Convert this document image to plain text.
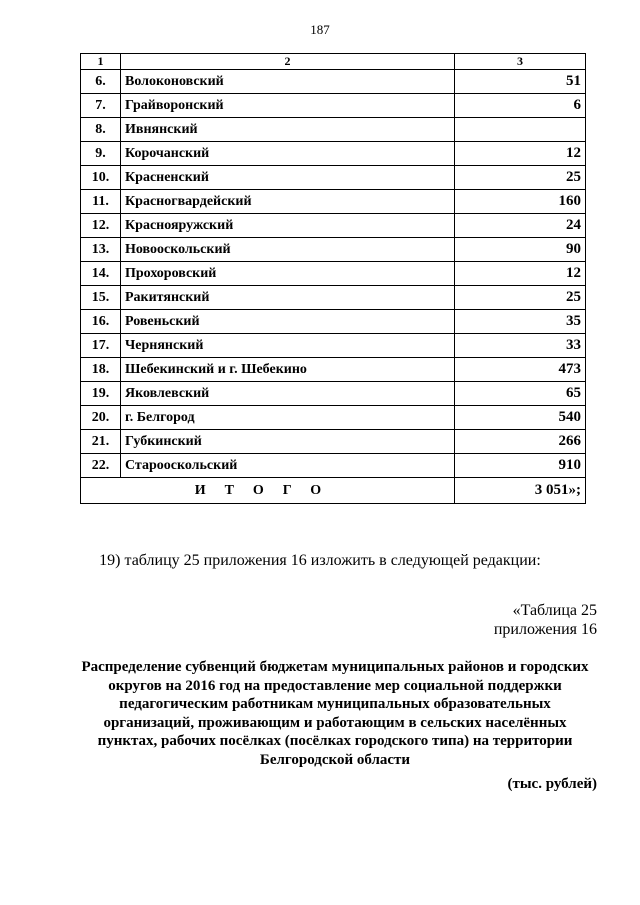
187
1	2	3
6.	Волоконовский	51
7.	Грайворонский	6
8.	Ивнянский	
9.	Корочанский	12
10.	Красненский	25
11.	Красногвардейский	160
12.	Краснояружский	24
13.	Новооскольский	90
14.	Прохоровский	12
15.	Ракитянский	25
16.	Ровеньский	35
17.	Чернянский	33
18.	Шебекинский и г. Шебекино	473
19.	Яковлевский	65
20.	г. Белгород	540
21.	Губкинский	266
22.	Старооскольский	910
ИТОГО		3 051»;
19) таблицу 25 приложения 16 изложить в следующей редакции:
«Таблица 25
приложения 16
Распределение субвенций бюджетам муниципальных районов и городских
округов на 2016 год на предоставление мер социальной поддержки
педагогическим работникам муниципальных образовательных
организаций, проживающим и работающим в сельских населённых
пунктах, рабочих посёлках (посёлках городского типа) на территории
Белгородской области
(тыс. рублей)
